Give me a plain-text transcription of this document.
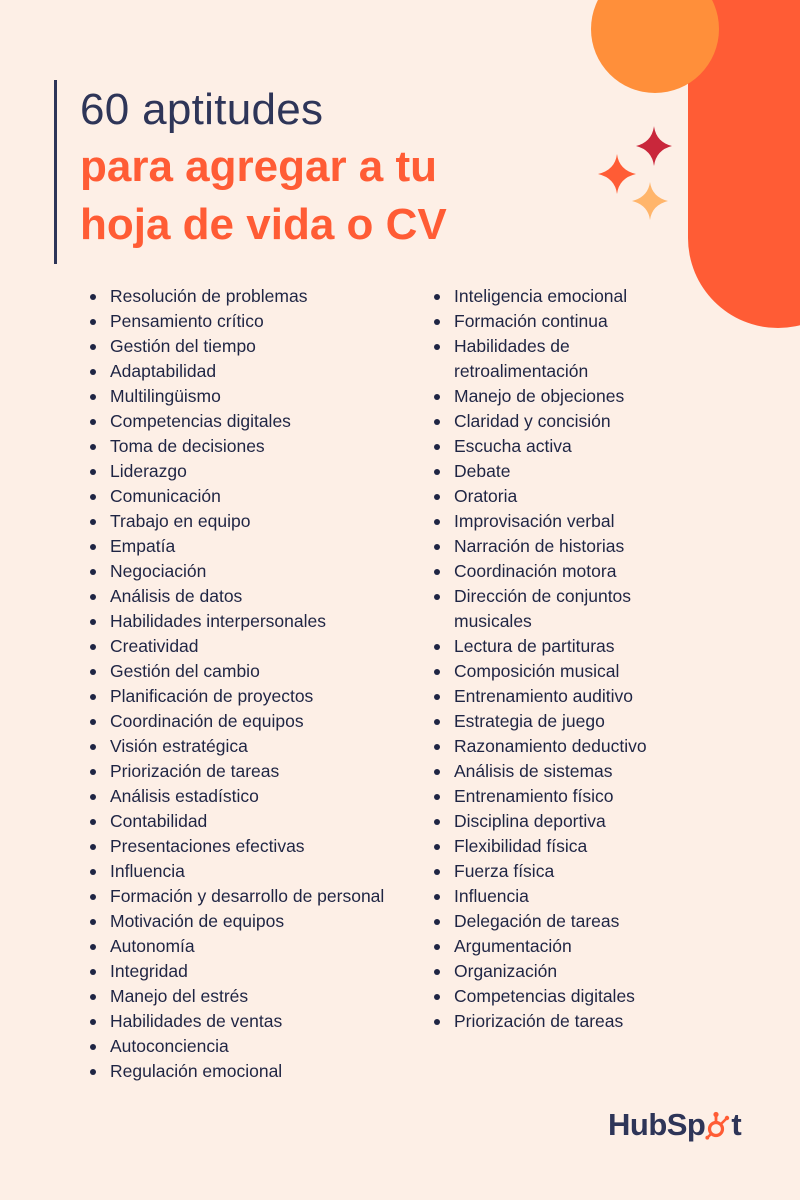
60 aptitudes
para agregar a tu
hoja de vida o CV
Resolución de problemas
Pensamiento crítico
Gestión del tiempo
Adaptabilidad
Multilingüismo
Competencias digitales
Toma de decisiones
Liderazgo
Comunicación
Trabajo en equipo
Empatía
Negociación
Análisis de datos
Habilidades interpersonales
Creatividad
Gestión del cambio
Planificación de proyectos
Coordinación de equipos
Visión estratégica
Priorización de tareas
Análisis estadístico
Contabilidad
Presentaciones efectivas
Influencia
Formación y desarrollo de personal
Motivación de equipos
Autonomía
Integridad
Manejo del estrés
Habilidades de ventas
Autoconciencia
Regulación emocional
Inteligencia emocional
Formación continua
Habilidades de retroalimentación
Manejo de objeciones
Claridad y concisión
Escucha activa
Debate
Oratoria
Improvisación verbal
Narración de historias
Coordinación motora
Dirección de conjuntos musicales
Lectura de partituras
Composición musical
Entrenamiento auditivo
Estrategia de juego
Razonamiento deductivo
Análisis de sistemas
Entrenamiento físico
Disciplina deportiva
Flexibilidad física
Fuerza física
Influencia
Delegación de tareas
Argumentación
Organización
Competencias digitales
Priorización de tareas
HubSp t
